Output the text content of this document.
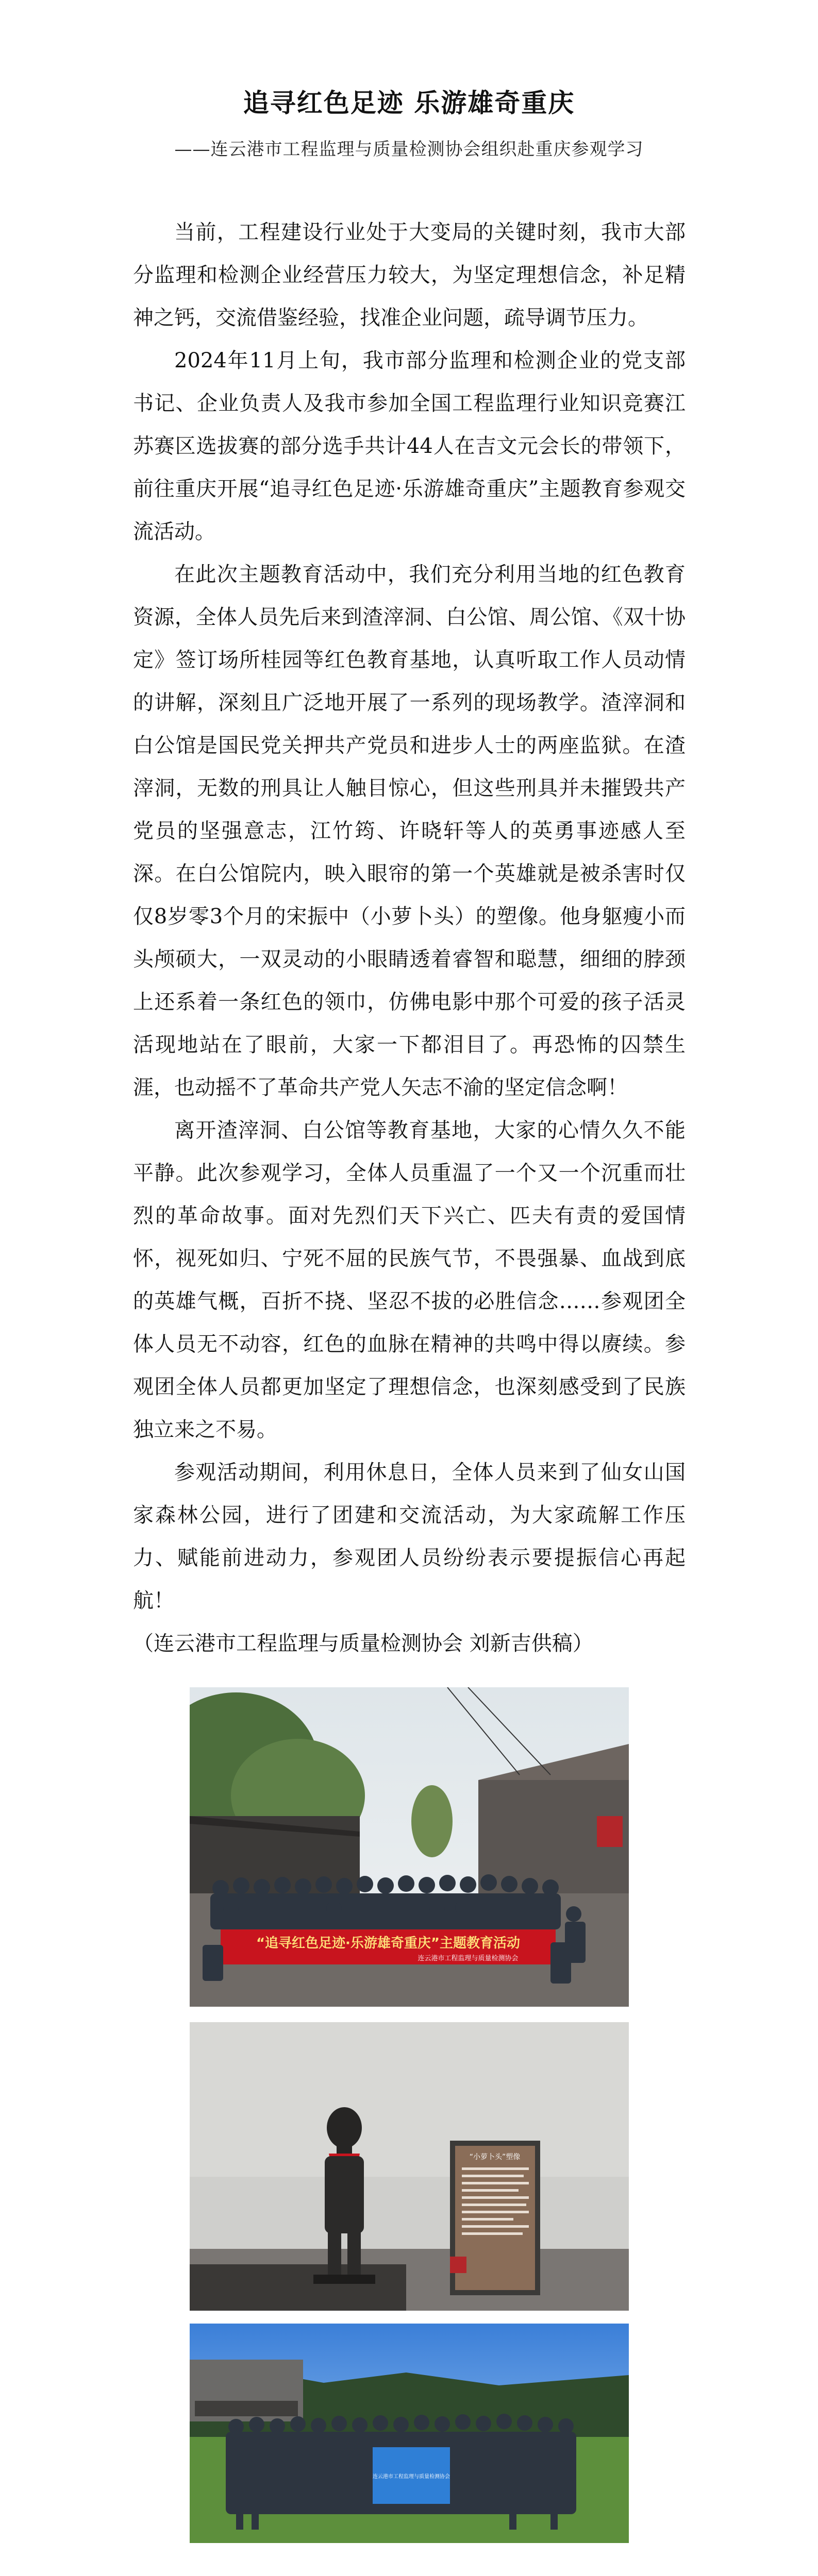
追寻红色足迹 乐游雄奇重庆
——连云港市工程监理与质量检测协会组织赴重庆参观学习

当前，工程建设行业处于大变局的关键时刻，我市大部分监理和检测企业经营压力较大，为坚定理想信念，补足精神之钙，交流借鉴经验，找准企业问题，疏导调节压力。

2024年11月上旬，我市部分监理和检测企业的党支部书记、企业负责人及我市参加全国工程监理行业知识竞赛江苏赛区选拔赛的部分选手共计44人在吉文元会长的带领下，前往重庆开展“追寻红色足迹·乐游雄奇重庆”主题教育参观交流活动。

在此次主题教育活动中，我们充分利用当地的红色教育资源，全体人员先后来到渣滓洞、白公馆、周公馆、《双十协定》签订场所桂园等红色教育基地，认真听取工作人员动情的讲解，深刻且广泛地开展了一系列的现场教学。渣滓洞和白公馆是国民党关押共产党员和进步人士的两座监狱。在渣滓洞，无数的刑具让人触目惊心，但这些刑具并未摧毁共产党员的坚强意志，江竹筠、许晓轩等人的英勇事迹感人至深。在白公馆院内，映入眼帘的第一个英雄就是被杀害时仅仅8岁零3个月的宋振中（小萝卜头）的塑像。他身躯瘦小而头颅硕大，一双灵动的小眼睛透着睿智和聪慧，细细的脖颈上还系着一条红色的领巾，仿佛电影中那个可爱的孩子活灵活现地站在了眼前，大家一下都泪目了。再恐怖的囚禁生涯，也动摇不了革命共产党人矢志不渝的坚定信念啊！

离开渣滓洞、白公馆等教育基地，大家的心情久久不能平静。此次参观学习，全体人员重温了一个又一个沉重而壮烈的革命故事。面对先烈们天下兴亡、匹夫有责的爱国情怀，视死如归、宁死不屈的民族气节，不畏强暴、血战到底的英雄气概，百折不挠、坚忍不拔的必胜信念……参观团全体人员无不动容，红色的血脉在精神的共鸣中得以赓续。参观团全体人员都更加坚定了理想信念，也深刻感受到了民族独立来之不易。

参观活动期间，利用休息日，全体人员来到了仙女山国家森林公园，进行了团建和交流活动，为大家疏解工作压力、赋能前进动力，参观团人员纷纷表示要提振信心再起航！

（连云港市工程监理与质量检测协会 刘新吉供稿）

“追寻红色足迹·乐游雄奇重庆”主题教育活动
连云港市工程监理与质量检测协会
“小萝卜头”塑像
连云港市工程监理与质量检测协会
